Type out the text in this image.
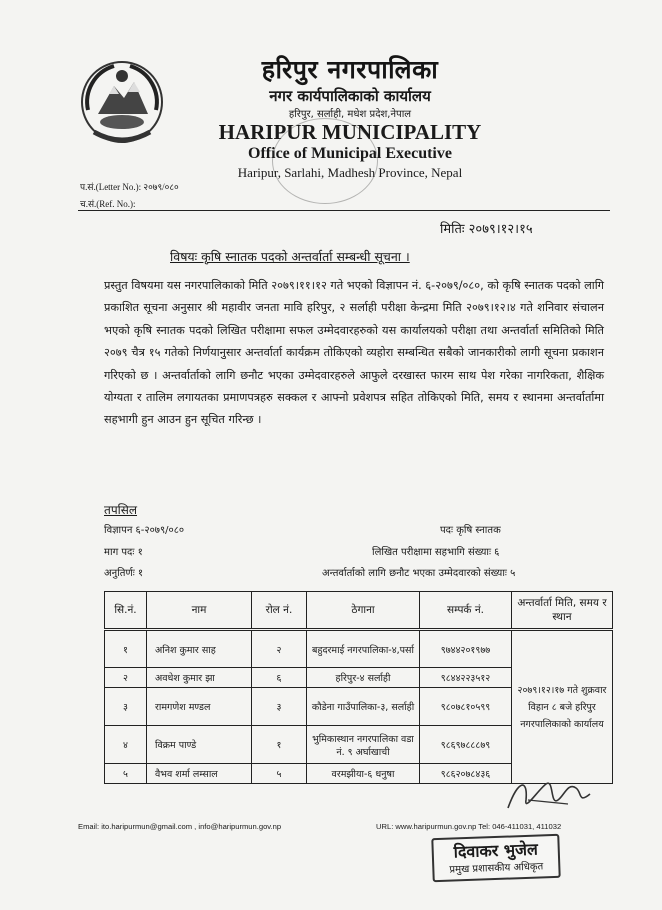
हरिपुर नगरपालिका
नगर कार्यपालिकाको कार्यालय
हरिपुर, सर्लाही, मधेश प्रदेश,नेपाल
HARIPUR MUNICIPALITY
Office of Municipal Executive
Haripur, Sarlahi, Madhesh Province, Nepal
प.सं.(Letter No.): २०७९/०८०
च.सं.(Ref. No.):
मितिः २०७९।१२।१५
विषयः कृषि स्नातक पदको अन्तर्वार्ता सम्बन्धी सूचना ।
प्रस्तुत विषयमा यस नगरपालिकाको मिति २०७९।११।१२ गते भएको विज्ञापन नं. ६-२०७९/०८०, को कृषि स्नातक पदको लागि प्रकाशित सूचना अनुसार श्री महावीर जनता मावि हरिपुर, २ सर्लाही परीक्षा केन्द्रमा मिति २०७९।१२।४ गते शनिवार संचालन भएको कृषि स्नातक पदको लिखित परीक्षामा सफल उम्मेदवारहरुको यस कार्यालयको परीक्षा तथा अन्तर्वार्ता समितिको मिति २०७९ चैत्र १५ गतेको निर्णयानुसार अन्तर्वार्ता कार्यक्रम तोकिएको व्यहोरा सम्बन्धित सबैको जानकारीको लागी सूचना प्रकाशन गरिएको छ । अन्तर्वार्ताको लागि छनौट भएका उम्मेदवारहरुले आफुले दरखास्त फारम साथ पेश गरेका नागरिकता, शैक्षिक योग्यता र तालिम लगायतका प्रमाणपत्रहरु सक्कल र आफ्नो प्रवेशपत्र सहित तोकिएको मिति, समय र स्थानमा अन्तर्वार्तामा सहभागी हुन आउन हुन सूचित गरिन्छ ।
तपसिल
विज्ञापन ६-२०७९/०८०	पदः कृषि स्नातक
माग पदः १	लिखित परीक्षामा सहभागि संख्याः ६
अनुतिर्णः १	अन्तर्वार्ताको लागि छनौट भएका उम्मेदवारको संख्याः ५
सि.नं.	नाम	रोल नं.	ठेगाना	सम्पर्क नं.	अन्तर्वार्ता मिति, समय र स्थान
१	अनिश कुमार साह	२	बहुदरमाई नगरपालिका-४,पर्सा	९७४४२०१९७७	२०७९।१२।१७ गते शुक्रवार विहान ८ बजे हरिपुर नगरपालिकाको कार्यालय
२	अवधेश कुमार झा	६	हरिपुर-४ सर्लाही	९८४४२२३५१२	
३	रामगणेश मण्डल	३	कौडेना गाउँपालिका-३, सर्लाही	९८०७८१०५९९	
४	विक्रम पाण्डे	१	भुमिकास्थान नगरपालिका वडा नं. ९ अर्घाखाची	९८६९७८८८७९	
५	वैभव शर्मा लम्साल	५	वरमझीया-६ धनुषा	९८६२०७८४३६	
Email: ito.haripurmun@gmail.com , info@haripurmun.gov.np	URL: www.haripurmun.gov.np Tel: 046-411031, 411032
दिवाकर भुजेल
प्रमुख प्रशासकीय अधिकृत
